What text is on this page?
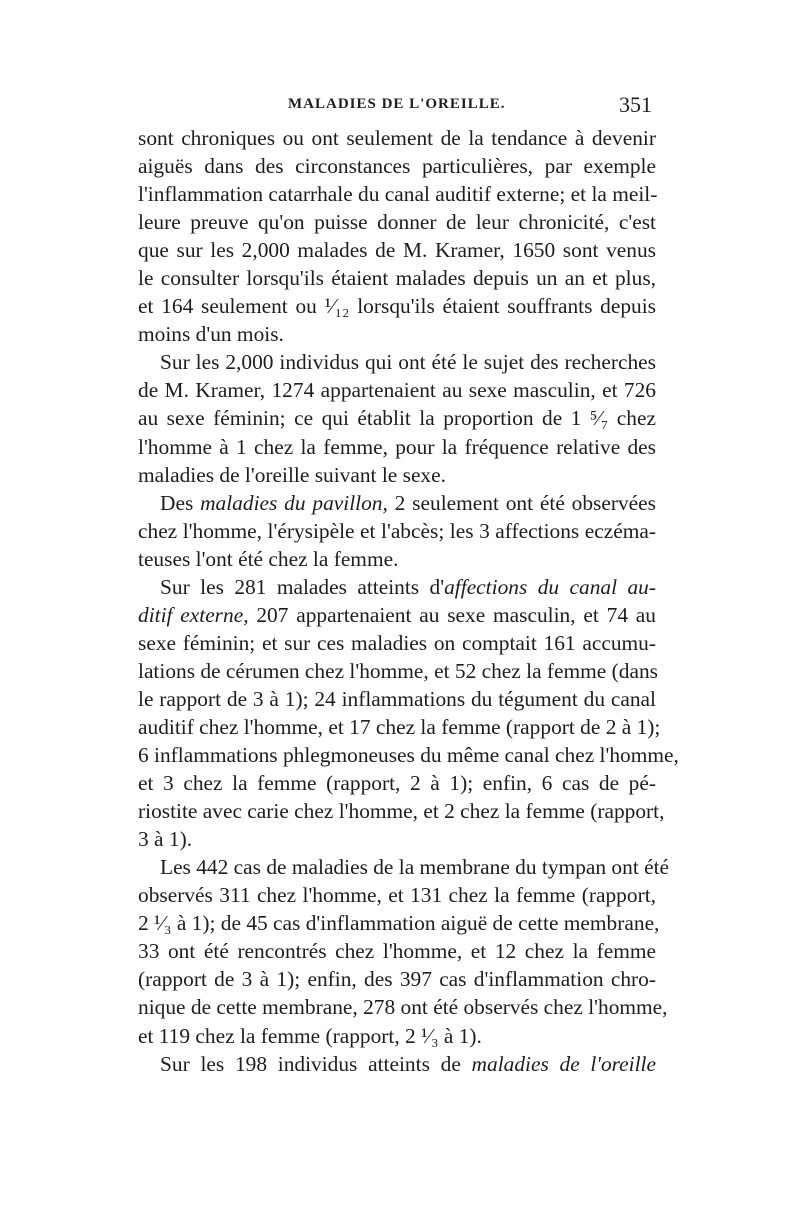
MALADIES DE L'OREILLE.	351
sont chroniques ou ont seulement de la tendance à devenir
aiguës dans des circonstances particulières, par exemple
l'inflammation catarrhale du canal auditif externe; et la meil-
leure preuve qu'on puisse donner de leur chronicité, c'est
que sur les 2,000 malades de M. Kramer, 1650 sont venus
le consulter lorsqu'ils étaient malades depuis un an et plus,
et 164 seulement ou ¹⁄₁₂ lorsqu'ils étaient souffrants depuis
moins d'un mois.
Sur les 2,000 individus qui ont été le sujet des recherches
de M. Kramer, 1274 appartenaient au sexe masculin, et 726
au sexe féminin; ce qui établit la proportion de 1 ⁵⁄₇ chez
l'homme à 1 chez la femme, pour la fréquence relative des
maladies de l'oreille suivant le sexe.
Des maladies du pavillon, 2 seulement ont été observées
chez l'homme, l'érysipèle et l'abcès; les 3 affections eczéma-
teuses l'ont été chez la femme.
Sur les 281 malades atteints d'affections du canal au-
ditif externe, 207 appartenaient au sexe masculin, et 74 au
sexe féminin; et sur ces maladies on comptait 161 accumu-
lations de cérumen chez l'homme, et 52 chez la femme (dans
le rapport de 3 à 1); 24 inflammations du tégument du canal
auditif chez l'homme, et 17 chez la femme (rapport de 2 à 1);
6 inflammations phlegmoneuses du même canal chez l'homme,
et 3 chez la femme (rapport, 2 à 1); enfin, 6 cas de pé-
riostite avec carie chez l'homme, et 2 chez la femme (rapport,
3 à 1).
Les 442 cas de maladies de la membrane du tympan ont été
observés 311 chez l'homme, et 131 chez la femme (rapport,
2 ¹⁄₃ à 1); de 45 cas d'inflammation aiguë de cette membrane,
33 ont été rencontrés chez l'homme, et 12 chez la femme
(rapport de 3 à 1); enfin, des 397 cas d'inflammation chro-
nique de cette membrane, 278 ont été observés chez l'homme,
et 119 chez la femme (rapport, 2 ¹⁄₃ à 1).
Sur les 198 individus atteints de maladies de l'oreille
